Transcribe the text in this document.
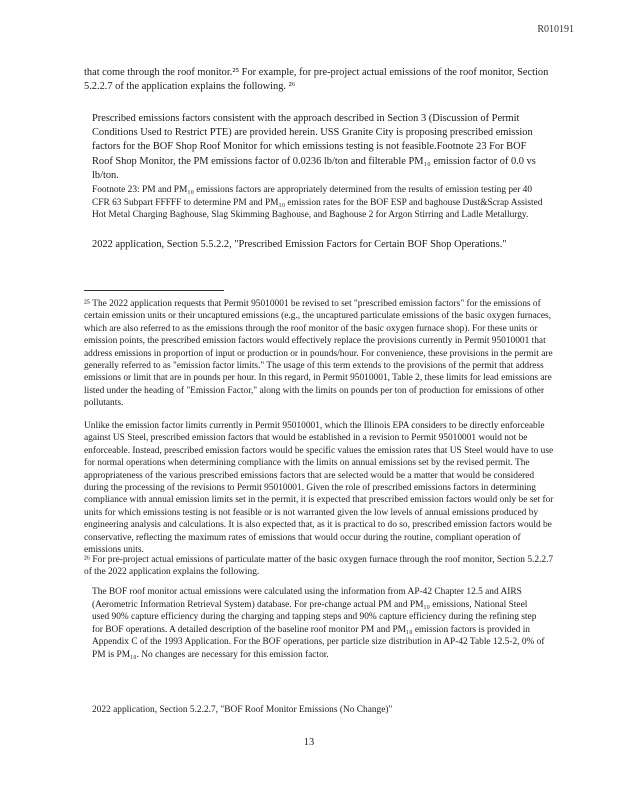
R010191

that come through the roof monitor.²⁵ For example, for pre-project actual emissions of the roof monitor, Section 5.2.2.7 of the application explains the following. ²⁶

Prescribed emissions factors consistent with the approach described in Section 3 (Discussion of Permit Conditions Used to Restrict PTE) are provided herein. USS Granite City is proposing prescribed emission factors for the BOF Shop Roof Monitor for which emissions testing is not feasible.Footnote 23 For BOF Roof Shop Monitor, the PM emissions factor of 0.0236 lb/ton and filterable PM₁₀ emission factor of 0.0 vs lb/ton.

Footnote 23: PM and PM₁₀ emissions factors are appropriately determined from the results of emission testing per 40 CFR 63 Subpart FFFFF to determine PM and PM₁₀ emission rates for the BOF ESP and baghouse Dust&Scrap Assisted Hot Metal Charging Baghouse, Slag Skimming Baghouse, and Baghouse 2 for Argon Stirring and Ladle Metallurgy.

2022 application, Section 5.5.2.2, "Prescribed Emission Factors for Certain BOF Shop Operations."

²⁵ The 2022 application requests that Permit 95010001 be revised to set "prescribed emission factors" for the emissions of certain emission units or their uncaptured emissions (e.g., the uncaptured particulate emissions of the basic oxygen furnaces, which are also referred to as the emissions through the roof monitor of the basic oxygen furnace shop). For these units or emission points, the prescribed emission factors would effectively replace the provisions currently in Permit 95010001 that address emissions in proportion of input or production or in pounds/hour. For convenience, these provisions in the permit are generally referred to as "emission factor limits." The usage of this term extends to the provisions of the permit that address emissions or limit that are in pounds per hour. In this regard, in Permit 95010001, Table 2, these limits for lead emissions are listed under the heading of "Emission Factor," along with the limits on pounds per ton of production for emissions of other pollutants.

Unlike the emission factor limits currently in Permit 95010001, which the Illinois EPA considers to be directly enforceable against US Steel, prescribed emission factors that would be established in a revision to Permit 95010001 would not be enforceable. Instead, prescribed emission factors would be specific values the emission rates that US Steel would have to use for normal operations when determining compliance with the limits on annual emissions set by the revised permit. The appropriateness of the various prescribed emissions factors that are selected would be a matter that would be considered during the processing of the revisions to Permit 95010001. Given the role of prescribed emissions factors in determining compliance with annual emission limits set in the permit, it is expected that prescribed emission factors would only be set for units for which emissions testing is not feasible or is not warranted given the low levels of annual emissions produced by engineering analysis and calculations. It is also expected that, as it is practical to do so, prescribed emission factors would be conservative, reflecting the maximum rates of emissions that would occur during the routine, compliant operation of emissions units.

²⁶ For pre-project actual emissions of particulate matter of the basic oxygen furnace through the roof monitor, Section 5.2.2.7 of the 2022 application explains the following.

The BOF roof monitor actual emissions were calculated using the information from AP-42 Chapter 12.5 and AIRS (Aerometric Information Retrieval System) database. For pre-change actual PM and PM₁₀ emissions, National Steel used 90% capture efficiency during the charging and tapping steps and 90% capture efficiency during the refining step for BOF operations. A detailed description of the baseline roof monitor PM and PM₁₀ emission factors is provided in Appendix C of the 1993 Application. For the BOF operations, per particle size distribution in AP-42 Table 12.5-2, 0% of PM is PM₁₀. No changes are necessary for this emission factor.

2022 application, Section 5.2.2.7, "BOF Roof Monitor Emissions (No Change)"

13
